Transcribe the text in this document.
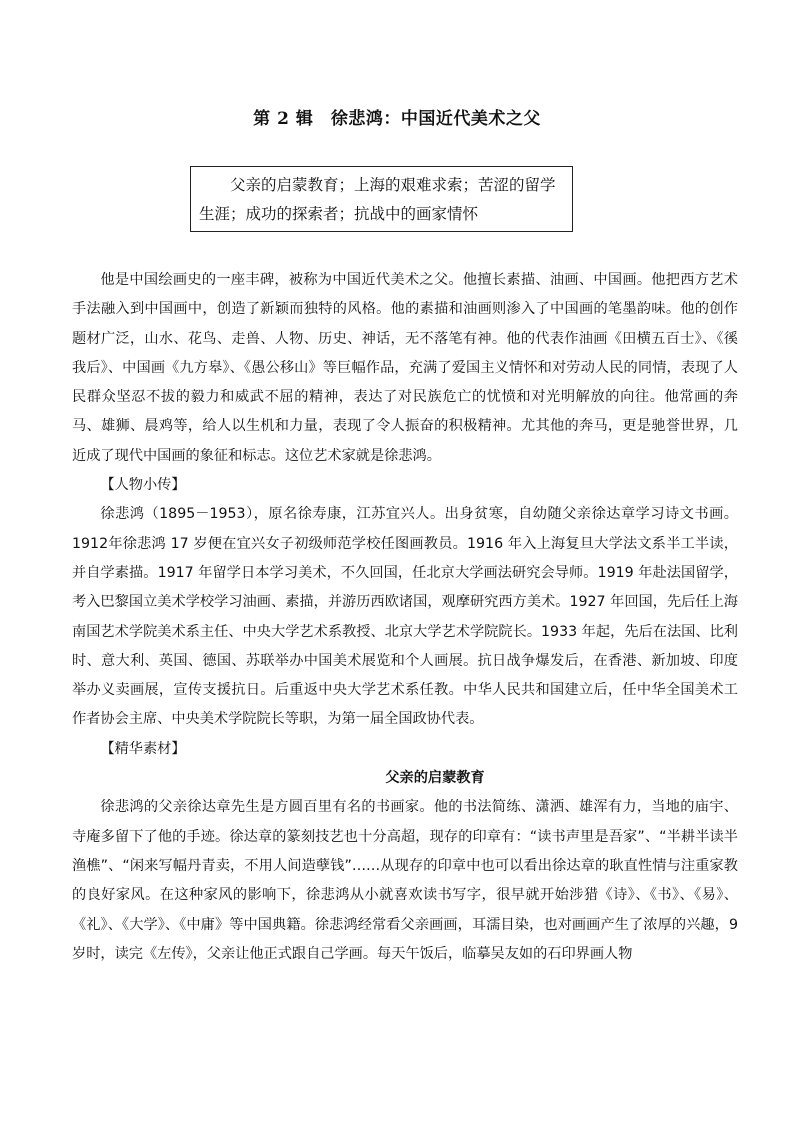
第 2 辑　徐悲鸿：中国近代美术之父
父亲的启蒙教育；上海的艰难求索；苦涩的留学生涯；成功的探索者；抗战中的画家情怀

他是中国绘画史的一座丰碑，被称为中国近代美术之父。他擅长素描、油画、中国画。他把西方艺术手法融入到中国画中，创造了新颖而独特的风格。他的素描和油画则渗入了中国画的笔墨韵味。他的创作题材广泛，山水、花鸟、走兽、人物、历史、神话，无不落笔有神。他的代表作油画《田横五百士》、《徯我后》、中国画《九方皋》、《愚公移山》等巨幅作品，充满了爱国主义情怀和对劳动人民的同情，表现了人民群众坚忍不拔的毅力和威武不屈的精神，表达了对民族危亡的忧愤和对光明解放的向往。他常画的奔马、雄狮、晨鸡等，给人以生机和力量，表现了令人振奋的积极精神。尤其他的奔马，更是驰誉世界，几近成了现代中国画的象征和标志。这位艺术家就是徐悲鸿。

【人物小传】

徐悲鸿（1895－1953），原名徐寿康，江苏宜兴人。出身贫寒，自幼随父亲徐达章学习诗文书画。1912年徐悲鸿 17 岁便在宜兴女子初级师范学校任图画教员。1916 年入上海复旦大学法文系半工半读，并自学素描。1917 年留学日本学习美术，不久回国，任北京大学画法研究会导师。1919 年赴法国留学，考入巴黎国立美术学校学习油画、素描，并游历西欧诸国，观摩研究西方美术。1927 年回国，先后任上海南国艺术学院美术系主任、中央大学艺术系教授、北京大学艺术学院院长。1933 年起，先后在法国、比利时、意大利、英国、德国、苏联举办中国美术展览和个人画展。抗日战争爆发后，在香港、新加坡、印度举办义卖画展，宣传支援抗日。后重返中央大学艺术系任教。中华人民共和国建立后，任中华全国美术工作者协会主席、中央美术学院院长等职，为第一届全国政协代表。

【精华素材】

父亲的启蒙教育

徐悲鸿的父亲徐达章先生是方圆百里有名的书画家。他的书法简练、潇洒、雄浑有力，当地的庙宇、寺庵多留下了他的手迹。徐达章的篆刻技艺也十分高超，现存的印章有：“读书声里是吾家”、“半耕半读半渔樵”、“闲来写幅丹青卖，不用人间造孽钱”……从现存的印章中也可以看出徐达章的耿直性情与注重家教的良好家风。在这种家风的影响下，徐悲鸿从小就喜欢读书写字，很早就开始涉猎《诗》、《书》、《易》、《礼》、《大学》、《中庸》等中国典籍。徐悲鸿经常看父亲画画，耳濡目染，也对画画产生了浓厚的兴趣，9 岁时，读完《左传》，父亲让他正式跟自己学画。每天午饭后，临摹吴友如的石印界画人物
